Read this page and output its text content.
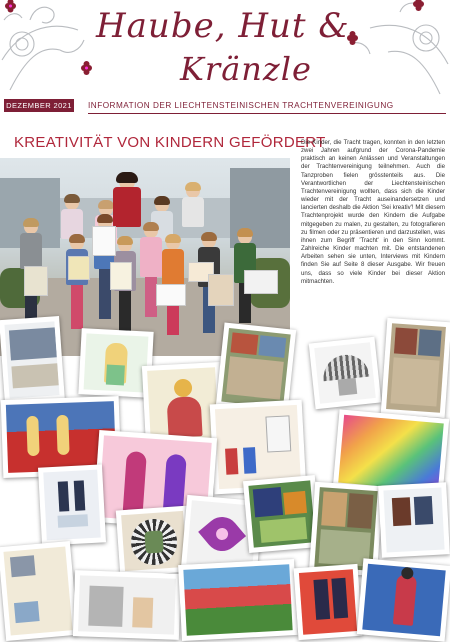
Haube, Hut &
Kränzle
DEZEMBER 2021 INFORMATION DER LIECHTENSTEINISCHEN TRACHTENVEREINIGUNG
KREATIVITÄT VON KINDERN GEFÖRDERT
Die Kinder, die Tracht tragen, konnten in den letzten zwei Jahren aufgrund der Corona-Pandemie praktisch an keinen Anlässen und Veranstaltungen der Trachtenvereinigung teilnehmen. Auch die Tanzproben fielen grösstenteils aus. Die Verantwortlichen der Liechtensteinischen Trachtenvereinigung wollten, dass sich die Kinder wieder mit der Tracht auseinandersetzen und lancierten deshalb die Aktion 'Sei kreativ'! Mit diesem Trachtenprojekt wurde den Kindern die Aufgabe mitgegeben zu malen, zu gestalten, zu fotografieren zu filmen oder zu präsentieren und darzustellen, was ihnen zum Begriff 'Tracht' in den Sinn kommt. Zahlreiche Kinder machten mit. Die entstandenen Arbeiten sehen sie unten, Interviews mit Kindern finden Sie auf Seite 8 dieser Ausgabe. Wir freuen uns, dass so viele Kinder bei dieser Aktion mitmachten.
